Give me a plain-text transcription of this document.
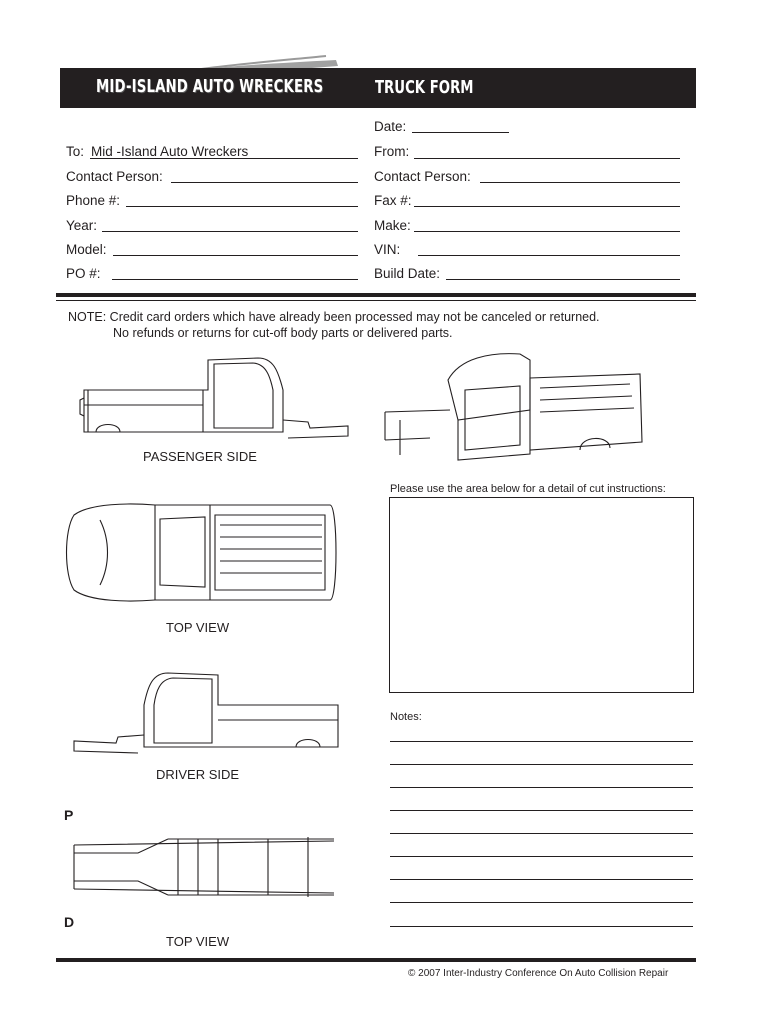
MID-ISLAND AUTO WRECKERS	TRUCK FORM
Date:
To: Mid -Island Auto Wreckers	From:
Contact Person:	Contact Person:
Phone #:	Fax #:
Year:	Make:
Model:	VIN:
PO #:	Build Date:
NOTE: Credit card orders which have already been processed may not be canceled or returned.
No refunds or returns for cut-off body parts or delivered parts.
PASSENGER SIDE
TOP VIEW
DRIVER SIDE
P
D
TOP VIEW
Please use the area below for a detail of cut instructions:
Notes:
© 2007 Inter-Industry Conference On Auto Collision Repair
